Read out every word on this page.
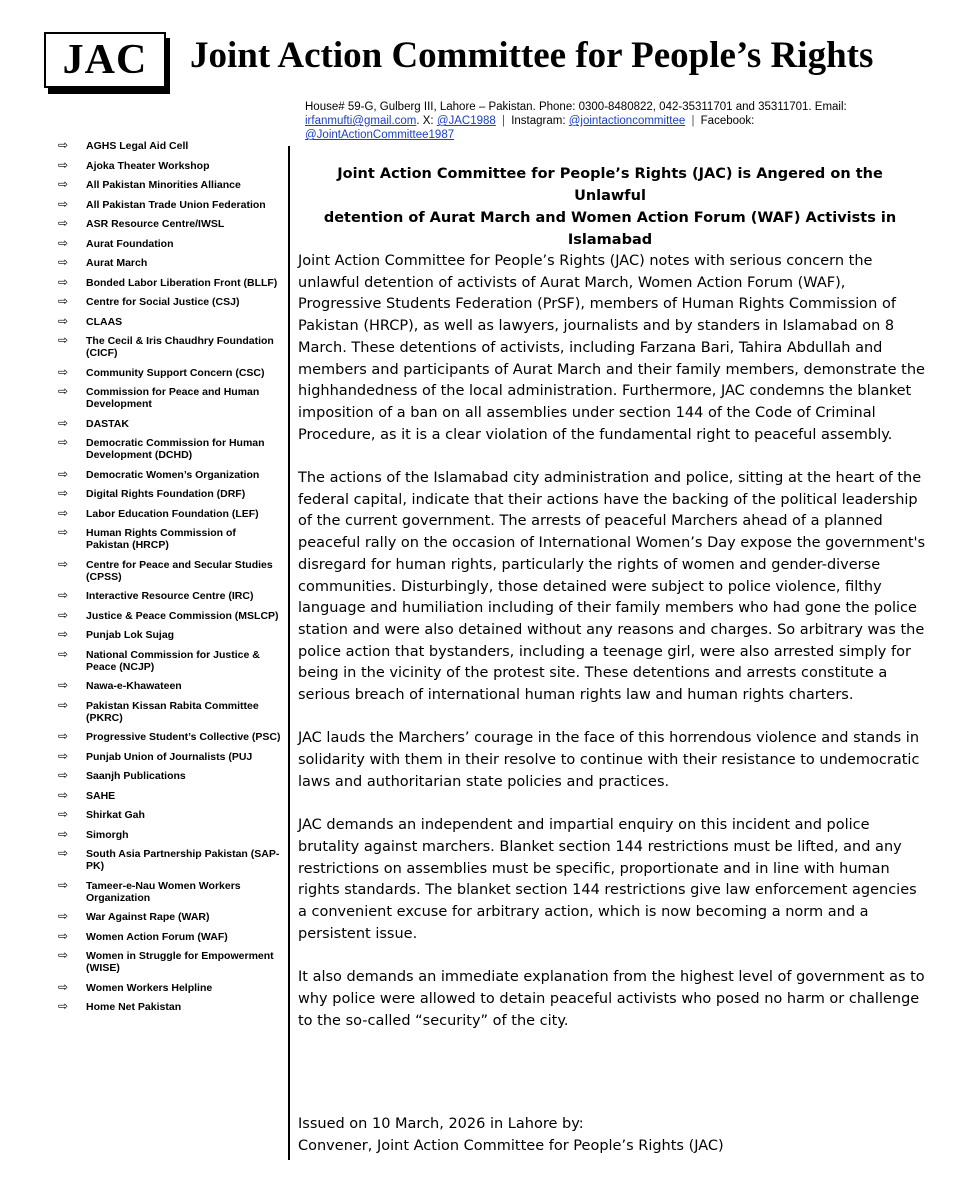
JAC	Joint Action Committee for People’s Rights
House# 59-G, Gulberg III, Lahore – Pakistan. Phone: 0300-8480822, 042-35311701 and 35311701. Email:
irfanmufti@gmail.com. X: @JAC1988 | Instagram: @jointactioncommittee | Facebook:
@JointActionCommittee1987
⇨ AGHS Legal Aid Cell
⇨ Ajoka Theater Workshop
⇨ All Pakistan Minorities Alliance
⇨ All Pakistan Trade Union Federation
⇨ ASR Resource Centre/IWSL
⇨ Aurat Foundation
⇨ Aurat March
⇨ Bonded Labor Liberation Front (BLLF)
⇨ Centre for Social Justice (CSJ)
⇨ CLAAS
⇨ The Cecil & Iris Chaudhry Foundation (CICF)
⇨ Community Support Concern (CSC)
⇨ Commission for Peace and Human Development
⇨ DASTAK
⇨ Democratic Commission for Human Development (DCHD)
⇨ Democratic Women’s Organization
⇨ Digital Rights Foundation (DRF)
⇨ Labor Education Foundation (LEF)
⇨ Human Rights Commission of Pakistan (HRCP)
⇨ Centre for Peace and Secular Studies (CPSS)
⇨ Interactive Resource Centre (IRC)
⇨ Justice & Peace Commission (MSLCP)
⇨ Punjab Lok Sujag
⇨ National Commission for Justice & Peace (NCJP)
⇨ Nawa-e-Khawateen
⇨ Pakistan Kissan Rabita Committee (PKRC)
⇨ Progressive Student’s Collective (PSC)
⇨ Punjab Union of Journalists (PUJ
⇨ Saanjh Publications
⇨ SAHE
⇨ Shirkat Gah
⇨ Simorgh
⇨ South Asia Partnership Pakistan (SAP-PK)
⇨ Tameer-e-Nau Women Workers Organization
⇨ War Against Rape (WAR)
⇨ Women Action Forum (WAF)
⇨ Women in Struggle for Empowerment (WISE)
⇨ Women Workers Helpline
⇨ Home Net Pakistan
Joint Action Committee for People’s Rights (JAC) is Angered on the Unlawful
detention of Aurat March and Women Action Forum (WAF) Activists in Islamabad

Joint Action Committee for People’s Rights (JAC) notes with serious concern the unlawful detention of activists of Aurat March, Women Action Forum (WAF), Progressive Students Federation (PrSF), members of Human Rights Commission of Pakistan (HRCP), as well as lawyers, journalists and by standers in Islamabad on 8 March. These detentions of activists, including Farzana Bari, Tahira Abdullah and members and participants of Aurat March and their family members, demonstrate the highhandedness of the local administration. Furthermore, JAC condemns the blanket imposition of a ban on all assemblies under section 144 of the Code of Criminal Procedure, as it is a clear violation of the fundamental right to peaceful assembly.

The actions of the Islamabad city administration and police, sitting at the heart of the federal capital, indicate that their actions have the backing of the political leadership of the current government. The arrests of peaceful Marchers ahead of a planned peaceful rally on the occasion of International Women’s Day expose the government's disregard for human rights, particularly the rights of women and gender-diverse communities. Disturbingly, those detained were subject to police violence, filthy language and humiliation including of their family members who had gone the police station and were also detained without any reasons and charges. So arbitrary was the police action that bystanders, including a teenage girl, were also arrested simply for being in the vicinity of the protest site. These detentions and arrests constitute a serious breach of international human rights law and human rights charters.

JAC lauds the Marchers’ courage in the face of this horrendous violence and stands in solidarity with them in their resolve to continue with their resistance to undemocratic laws and authoritarian state policies and practices.

JAC demands an independent and impartial enquiry on this incident and police brutality against marchers. Blanket section 144 restrictions must be lifted, and any restrictions on assemblies must be specific, proportionate and in line with human rights standards. The blanket section 144 restrictions give law enforcement agencies a convenient excuse for arbitrary action, which is now becoming a norm and a persistent issue.

It also demands an immediate explanation from the highest level of government as to why police were allowed to detain peaceful activists who posed no harm or challenge to the so-called “security” of the city.

Issued on 10 March, 2026 in Lahore by:
Convener, Joint Action Committee for People’s Rights (JAC)
